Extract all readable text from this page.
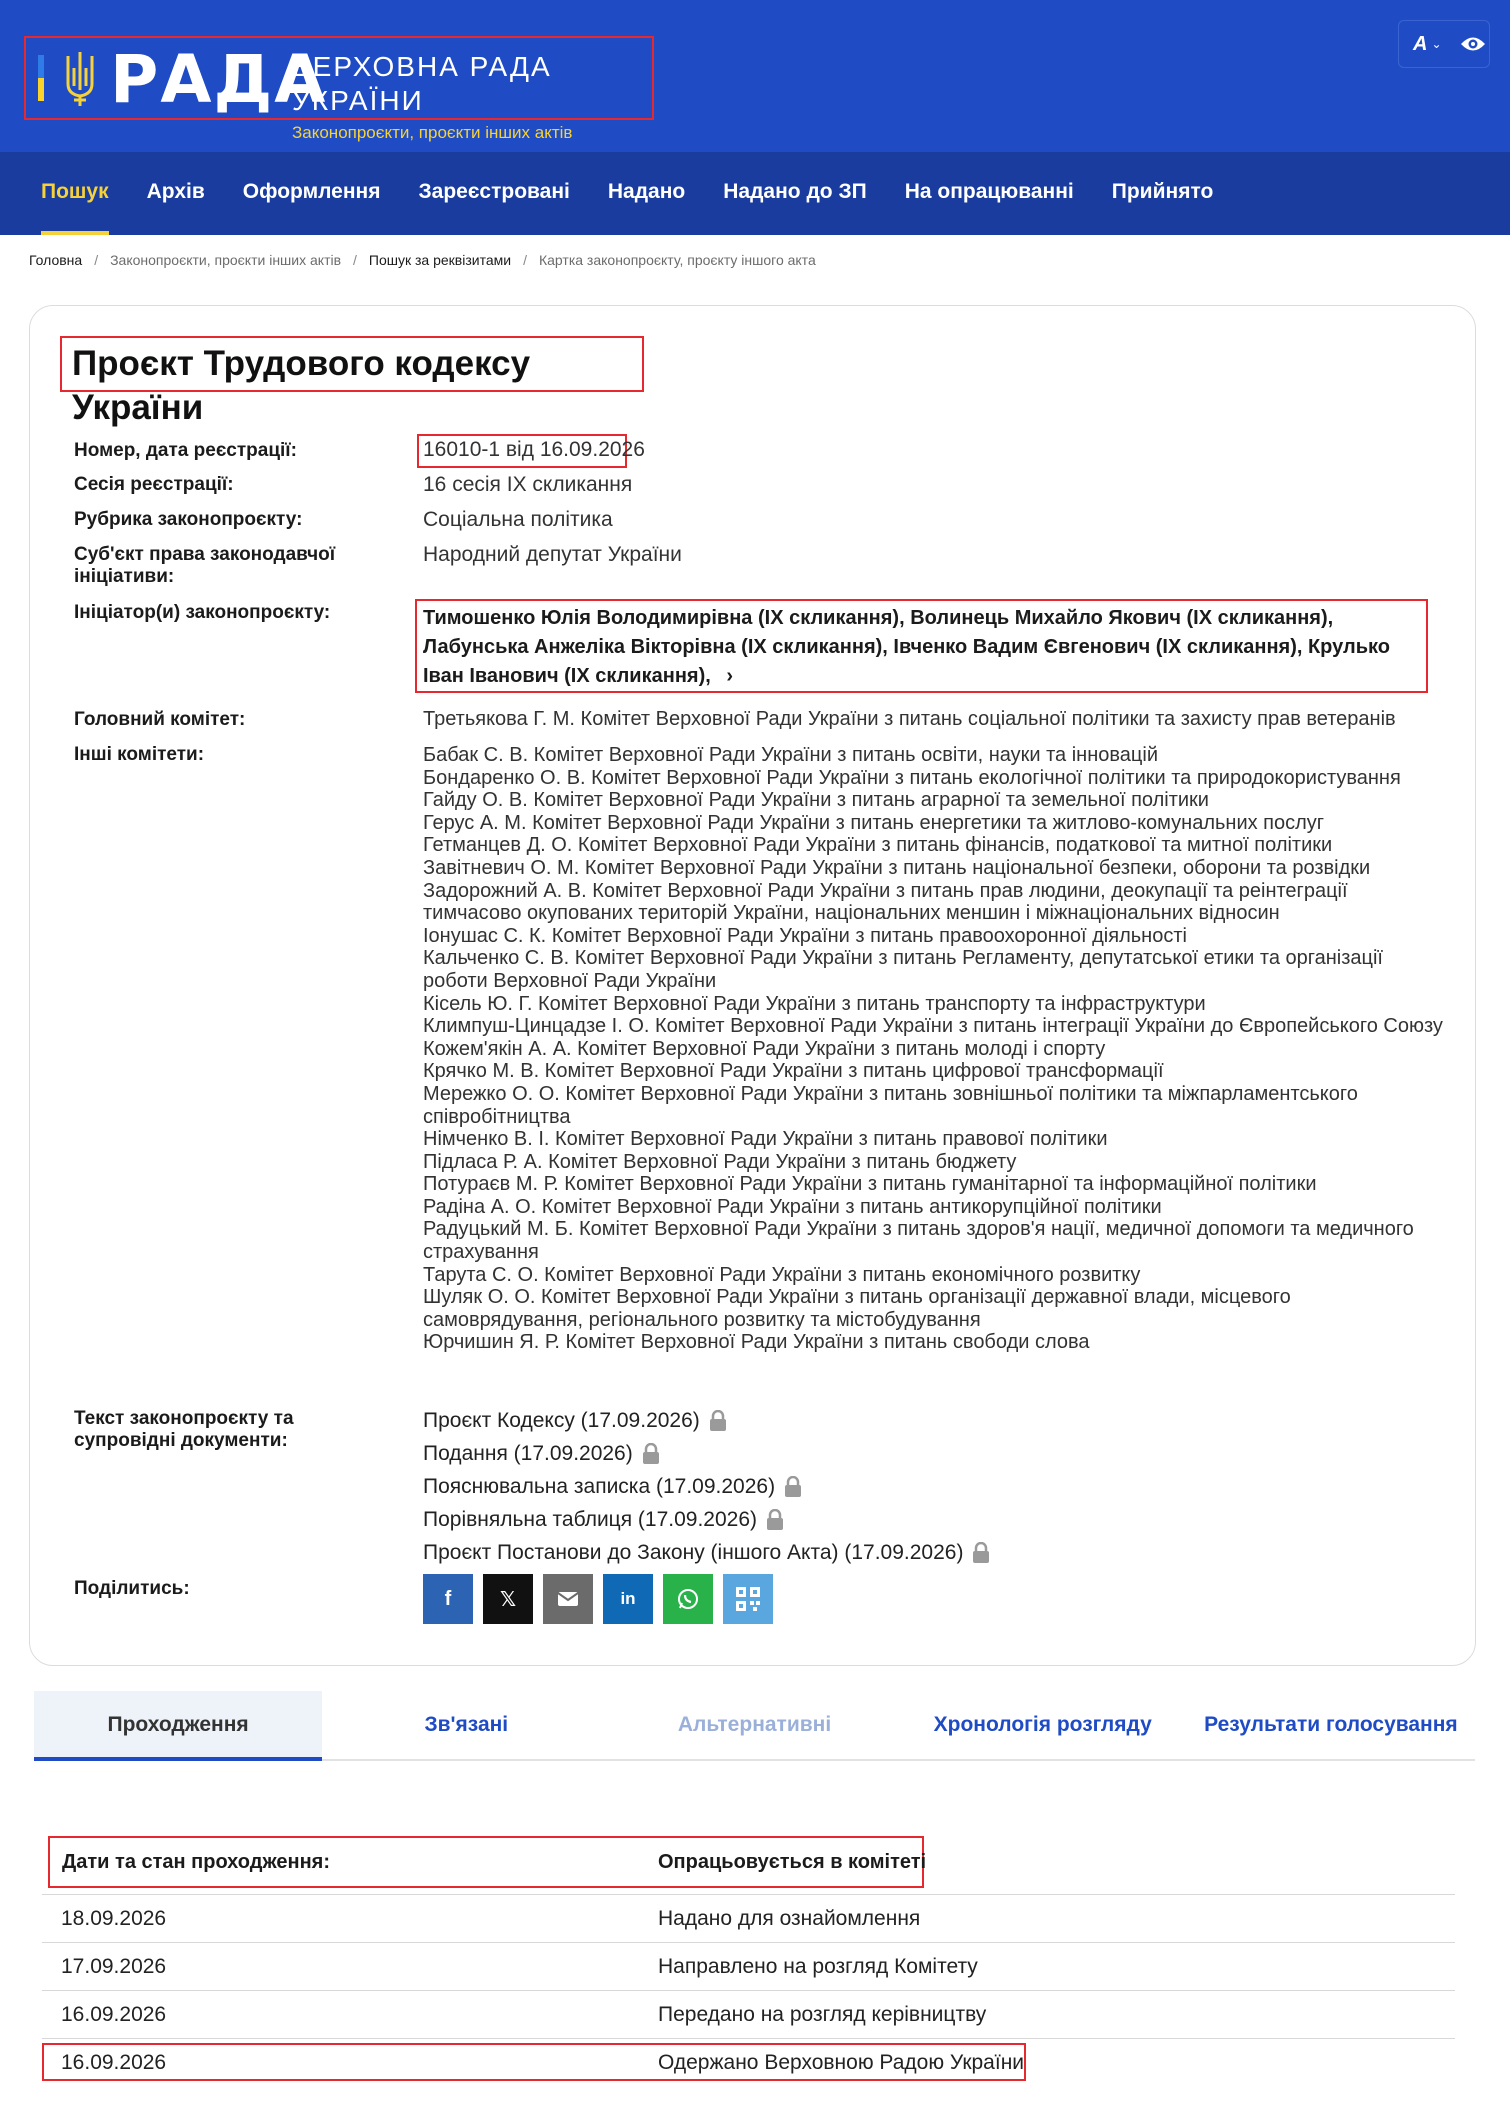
РАДА
ВЕРХОВНА РАДА УКРАЇНИ
Законопроєкти, проєкти інших актів
A ⌄
Пошук	Архів	Оформлення	Зареєстровані	Надано	Надано до ЗП	На опрацюванні	Прийнято
Головна / Законопроєкти, проєкти інших актів / Пошук за реквізитами / Картка законопроєкту, проєкту іншого акта
Проєкт Трудового кодексу України
Номер, дата реєстрації:	16010-1 від 16.09.2026
Сесія реєстрації:	16 сесія IX скликання
Рубрика законопроєкту:	Соціальна політика
Суб'єкт права законодавчої ініціативи:
Народний депутат України
Ініціатор(и) законопроєкту:	Тимошенко Юлія Володимирівна (IX скликання), Волинець Михайло Якович (IX скликання), Лабунська Анжеліка Вікторівна (IX скликання), Івченко Вадим Євгенович (IX скликання), Крулько Іван Іванович (IX скликання), ›
Головний комітет:	Третьякова Г. М. Комітет Верховної Ради України з питань соціальної політики та захисту прав ветеранів
Інші комітети:	Бабак С. В. Комітет Верховної Ради України з питань освіти, науки та інновацій
Бондаренко О. В. Комітет Верховної Ради України з питань екологічної політики та природокористування
Гайду О. В. Комітет Верховної Ради України з питань аграрної та земельної політики
Герус А. М. Комітет Верховної Ради України з питань енергетики та житлово-комунальних послуг
Гетманцев Д. О. Комітет Верховної Ради України з питань фінансів, податкової та митної політики
Завітневич О. М. Комітет Верховної Ради України з питань національної безпеки, оборони та розвідки
Задорожний А. В. Комітет Верховної Ради України з питань прав людини, деокупації та реінтеграції тимчасово окупованих територій України, національних меншин і міжнаціональних відносин
Іонушас С. К. Комітет Верховної Ради України з питань правоохоронної діяльності
Кальченко С. В. Комітет Верховної Ради України з питань Регламенту, депутатської етики та організації роботи Верховної Ради України
Кісель Ю. Г. Комітет Верховної Ради України з питань транспорту та інфраструктури
Климпуш-Цинцадзе І. О. Комітет Верховної Ради України з питань інтеграції України до Європейського Союзу
Кожем'якін А. А. Комітет Верховної Ради України з питань молоді і спорту
Крячко М. В. Комітет Верховної Ради України з питань цифрової трансформації
Мережко О. О. Комітет Верховної Ради України з питань зовнішньої політики та міжпарламентського співробітництва
Німченко В. І. Комітет Верховної Ради України з питань правової політики
Підласа Р. А. Комітет Верховної Ради України з питань бюджету
Потураєв М. Р. Комітет Верховної Ради України з питань гуманітарної та інформаційної політики
Радіна А. О. Комітет Верховної Ради України з питань антикорупційної політики
Радуцький М. Б. Комітет Верховної Ради України з питань здоров'я нації, медичної допомоги та медичного страхування
Тарута С. О. Комітет Верховної Ради України з питань економічного розвитку
Шуляк О. О. Комітет Верховної Ради України з питань організації державної влади, місцевого самоврядування, регіонального розвитку та містобудування
Юрчишин Я. Р. Комітет Верховної Ради України з питань свободи слова
Текст законопроєкту та супровідні документи:
Проєкт Кодексу (17.09.2026)
Подання (17.09.2026)
Пояснювальна записка (17.09.2026)
Порівняльна таблиця (17.09.2026)
Проєкт Постанови до Закону (іншого Акта) (17.09.2026)
Поділитись:	f	𝕏	in
Проходження	Зв'язані	Альтернативні	Хронологія розгляду	Результати голосування
Дати та стан проходження:	Опрацьовується в комітеті
18.09.2026	Надано для ознайомлення
17.09.2026	Направлено на розгляд Комітету
16.09.2026	Передано на розгляд керівництву
16.09.2026	Одержано Верховною Радою України
